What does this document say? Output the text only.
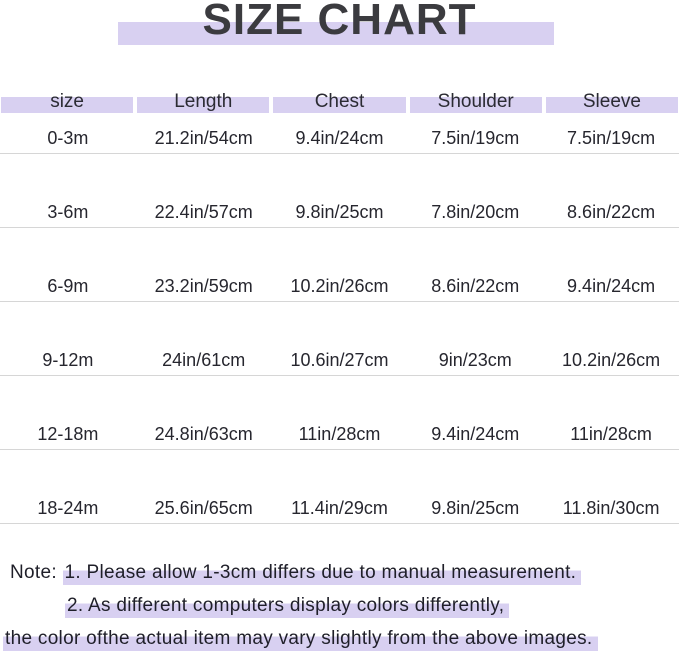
SIZE CHART
size	Length	Chest	Shoulder	Sleeve
0-3m	21.2in/54cm	9.4in/24cm	7.5in/19cm	7.5in/19cm
3-6m	22.4in/57cm	9.8in/25cm	7.8in/20cm	8.6in/22cm
6-9m	23.2in/59cm	10.2in/26cm	8.6in/22cm	9.4in/24cm
9-12m	24in/61cm	10.6in/27cm	9in/23cm	10.2in/26cm
12-18m	24.8in/63cm	11in/28cm	9.4in/24cm	11in/28cm
18-24m	25.6in/65cm	11.4in/29cm	9.8in/25cm	11.8in/30cm

Note: 1. Please allow 1-3cm differs due to manual measurement.

2. As different computers display colors differently,

the color ofthe actual item may vary slightly from the above images.
